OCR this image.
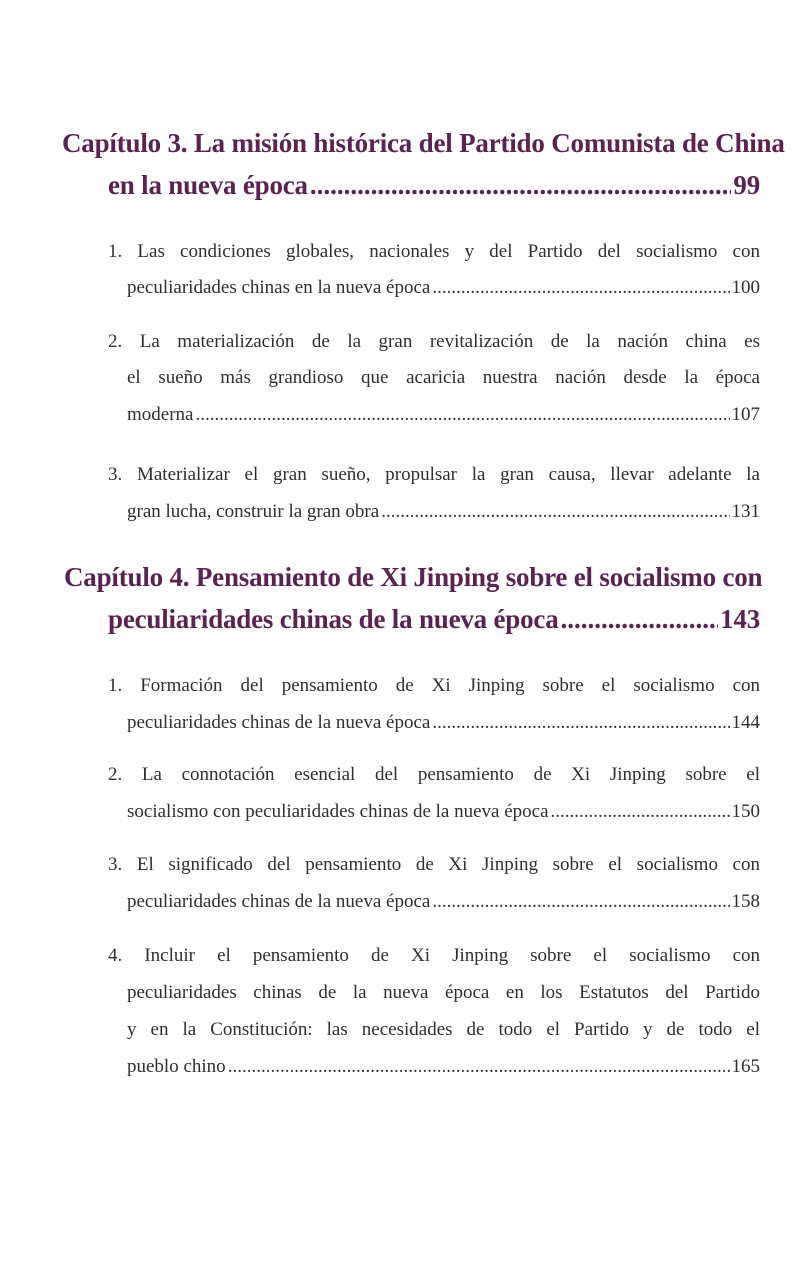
Capítulo 3. La misión histórica del Partido Comunista de China
en la nueva época .....	99
1. Las condiciones globales, nacionales y del Partido del socialismo con
peculiaridades chinas en la nueva época .....	100
2. La materialización de la gran revitalización de la nación china es
el sueño más grandioso que acaricia nuestra nación desde la época
moderna .....	107
3. Materializar el gran sueño, propulsar la gran causa, llevar adelante la
gran lucha, construir la gran obra .....	131
Capítulo 4. Pensamiento de Xi Jinping sobre el socialismo con
peculiaridades chinas de la nueva época .....	143
1. Formación del pensamiento de Xi Jinping sobre el socialismo con
peculiaridades chinas de la nueva época .....	144
2. La connotación esencial del pensamiento de Xi Jinping sobre el
socialismo con peculiaridades chinas de la nueva época .....	150
3. El significado del pensamiento de Xi Jinping sobre el socialismo con
peculiaridades chinas de la nueva época .....	158
4. Incluir el pensamiento de Xi Jinping sobre el socialismo con
peculiaridades chinas de la nueva época en los Estatutos del Partido
y en la Constitución: las necesidades de todo el Partido y de todo el
pueblo chino .....	165
